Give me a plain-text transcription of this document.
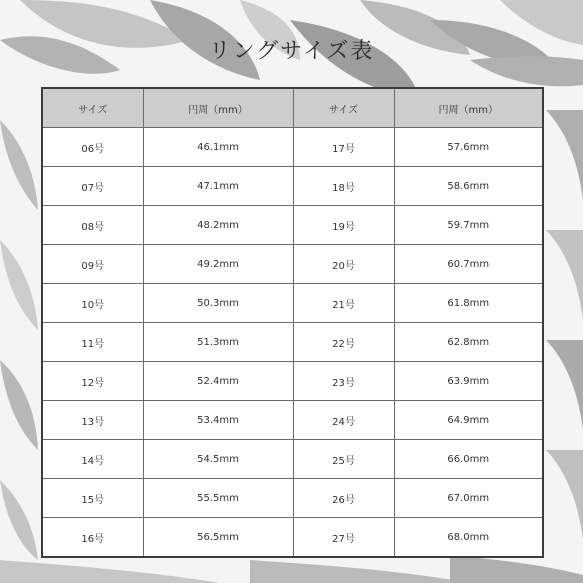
リングサイズ表
サイズ	円周（mm）	サイズ	円周（mm）
06号	46.1mm	17号	57.6mm
07号	47.1mm	18号	58.6mm
08号	48.2mm	19号	59.7mm
09号	49.2mm	20号	60.7mm
10号	50.3mm	21号	61.8mm
11号	51.3mm	22号	62.8mm
12号	52.4mm	23号	63.9mm
13号	53.4mm	24号	64.9mm
14号	54.5mm	25号	66.0mm
15号	55.5mm	26号	67.0mm
16号	56.5mm	27号	68.0mm
